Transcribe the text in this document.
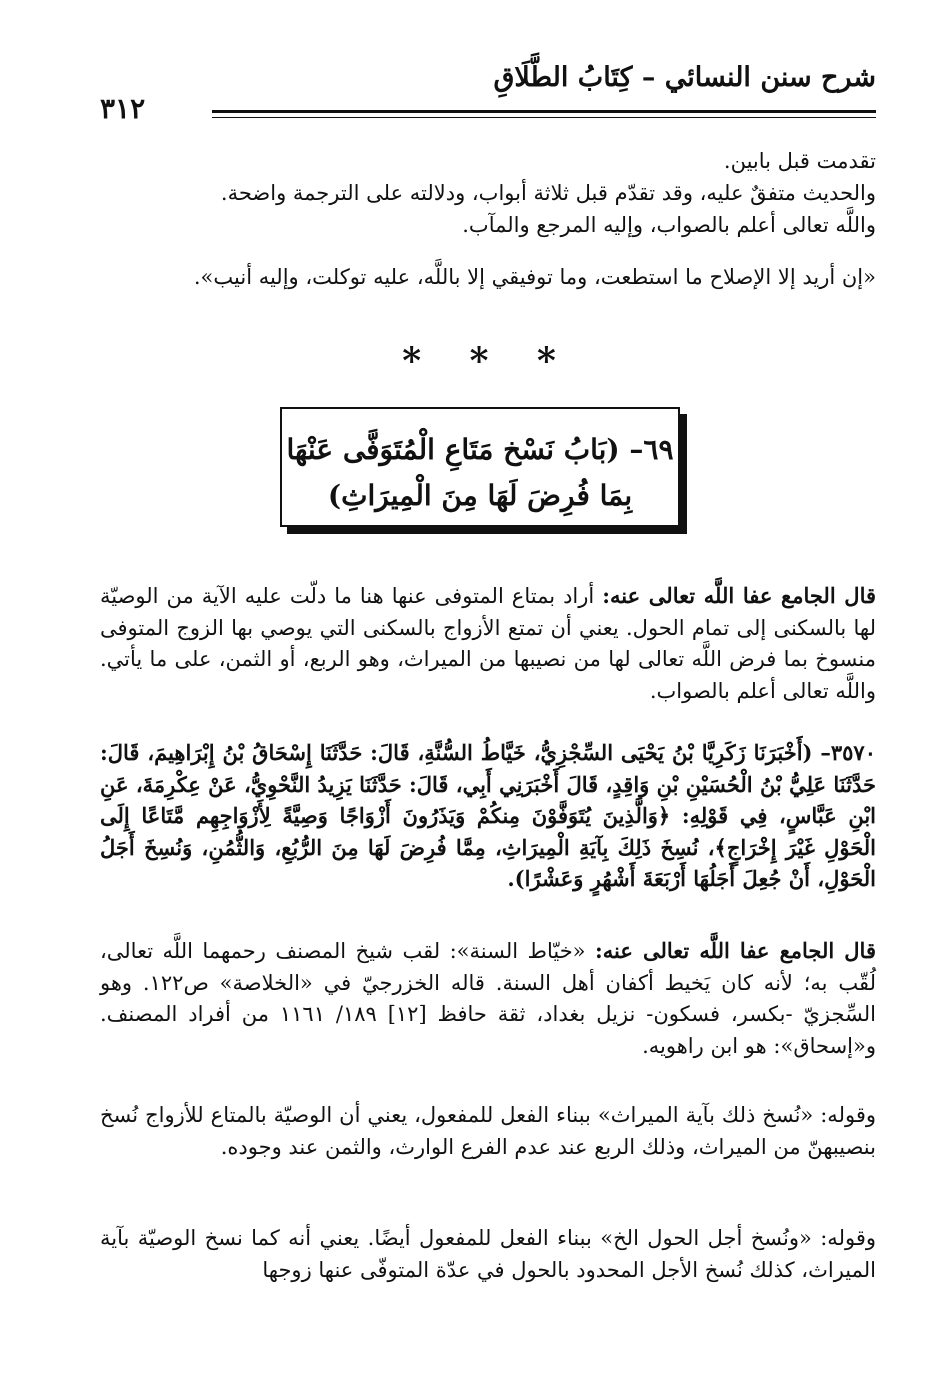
شرح سنن النسائي – كِتَابُ الطَّلَاقِ
٣١٢
تقدمت قبل بابين.
والحديث متفقٌ عليه، وقد تقدّم قبل ثلاثة أبواب، ودلالته على الترجمة واضحة.
واللَّه تعالى أعلم بالصواب، وإليه المرجع والمآب.
«إن أريد إلا الإصلاح ما استطعت، وما توفيقي إلا باللَّه، عليه توكلت، وإليه أنيب».
* * *
٦٩– (بَابُ نَسْخ مَتَاعِ الْمُتَوَفَّى عَنْهَا
بِمَا فُرِضَ لَهَا مِنَ الْمِيرَاثِ)
قال الجامع عفا اللَّه تعالى عنه: أراد بمتاع المتوفى عنها هنا ما دلّت عليه الآية من الوصيّة لها بالسكنى إلى تمام الحول. يعني أن تمتع الأزواج بالسكنى التي يوصي بها الزوج المتوفى منسوخ بما فرض اللَّه تعالى لها من نصيبها من الميراث، وهو الربع، أو الثمن، على ما يأتي. واللَّه تعالى أعلم بالصواب.
٣٥٧٠– (أَخْبَرَنَا زَكَرِيَّا بْنُ يَحْيَى السِّجْزِيُّ، خَيَّاطُ السُّنَّةِ، قَالَ: حَدَّثَنَا إِسْحَاقُ بْنُ إِبْرَاهِيمَ، قَالَ: حَدَّثَنَا عَلِيُّ بْنُ الْحُسَيْنِ بْنِ وَاقِدٍ، قَالَ أَخْبَرَنِي أَبِي، قَالَ: حَدَّثَنَا يَزِيدُ النَّحْوِيُّ، عَنْ عِكْرِمَةَ، عَنِ ابْنِ عَبَّاسٍ، فِي قَوْلِهِ: ﴿وَالَّذِينَ يُتَوَفَّوْنَ مِنكُمْ وَيَذَرُونَ أَزْوَاجًا وَصِيَّةً لِأَزْوَاجِهِم مَّتَاعًا إِلَى الْحَوْلِ غَيْرَ إِخْرَاجٍ﴾، نُسِخَ ذَلِكَ بِآيَةِ الْمِيرَاثِ، مِمَّا فُرِضَ لَهَا مِنَ الرُّبُعِ، وَالثُّمُنِ، وَنُسِخَ أَجَلُ الْحَوْلِ، أَنْ جُعِلَ أَجَلُهَا أَرْبَعَةَ أَشْهُرٍ وَعَشْرًا).
قال الجامع عفا اللَّه تعالى عنه: «خيّاط السنة»: لقب شيخ المصنف رحمهما اللَّه تعالى، لُقّب به؛ لأنه كان يَخيط أكفان أهل السنة. قاله الخزرجيّ في «الخلاصة» ص١٢٢. وهو السِّجزيّ -بكسر، فسكون- نزيل بغداد، ثقة حافظ [١٢] ١٨٩/ ١١٦١ من أفراد المصنف. و«إسحاق»: هو ابن راهويه.
وقوله: «نُسخ ذلك بآية الميراث» ببناء الفعل للمفعول، يعني أن الوصيّة بالمتاع للأزواج نُسخ بنصيبهنّ من الميراث، وذلك الربع عند عدم الفرع الوارث، والثمن عند وجوده.
وقوله: «ونُسخ أجل الحول الخ» ببناء الفعل للمفعول أيضًا. يعني أنه كما نسخ الوصيّة بآية الميراث، كذلك نُسخ الأجل المحدود بالحول في عدّة المتوفّى عنها زوجها
